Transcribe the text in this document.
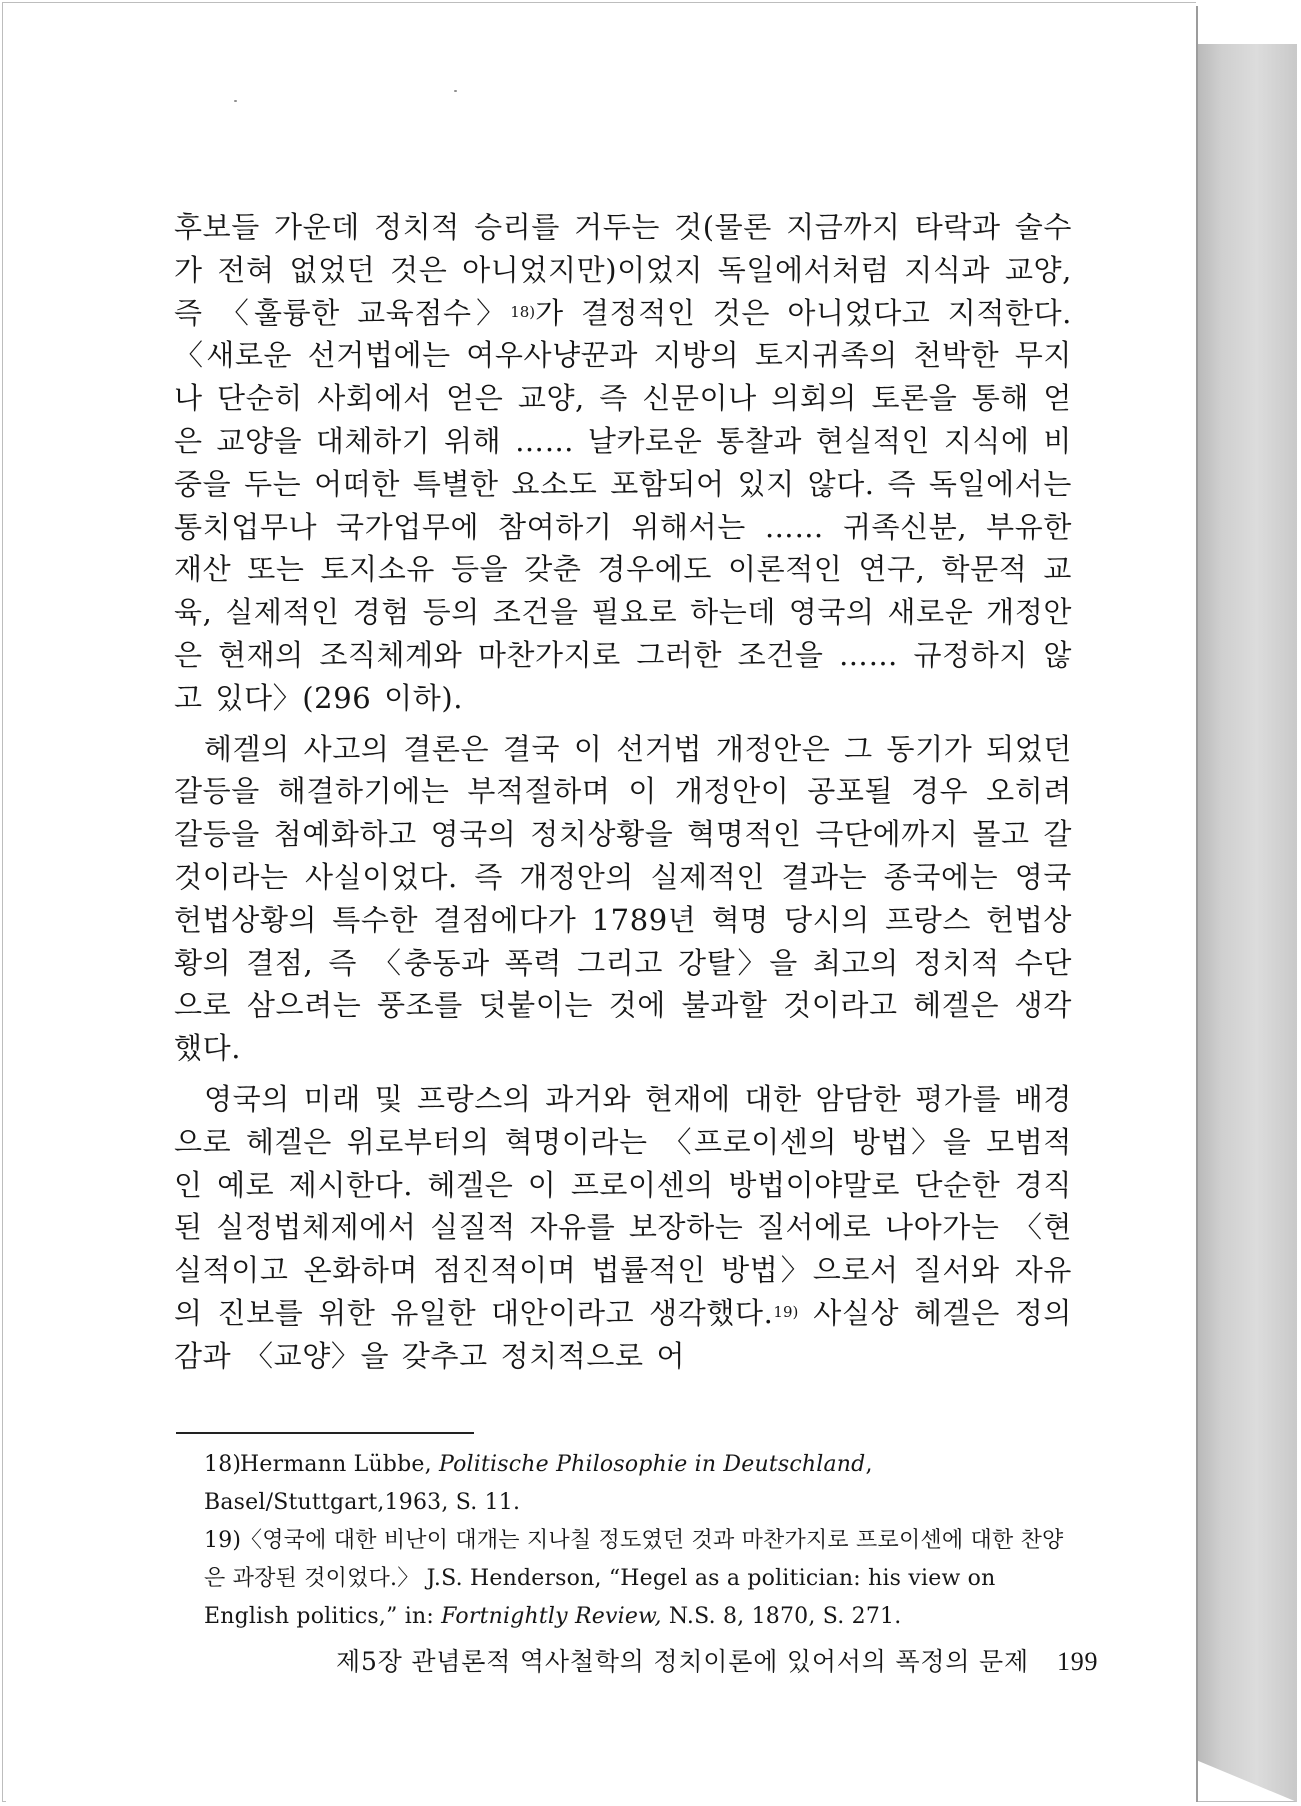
후보들 가운데 정치적 승리를 거두는 것(물론 지금까지 타락과 술수가 전혀 없었던 것은 아니었지만)이었지 독일에서처럼 지식과 교양, 즉 〈훌륭한 교육점수〉$^{18)}$가 결정적인 것은 아니었다고 지적한다. 〈새로운 선거법에는 여우사냥꾼과 지방의 토지귀족의 천박한 무지나 단순히 사회에서 얻은 교양, 즉 신문이나 의회의 토론을 통해 얻은 교양을 대체하기 위해 …… 날카로운 통찰과 현실적인 지식에 비중을 두는 어떠한 특별한 요소도 포함되어 있지 않다. 즉 독일에서는 통치업무나 국가업무에 참여하기 위해서는 …… 귀족신분, 부유한 재산 또는 토지소유 등을 갖춘 경우에도 이론적인 연구, 학문적 교육, 실제적인 경험 등의 조건을 필요로 하는데 영국의 새로운 개정안은 현재의 조직체계와 마찬가지로 그러한 조건을 …… 규정하지 않고 있다〉(296 이하).

헤겔의 사고의 결론은 결국 이 선거법 개정안은 그 동기가 되었던 갈등을 해결하기에는 부적절하며 이 개정안이 공포될 경우 오히려 갈등을 첨예화하고 영국의 정치상황을 혁명적인 극단에까지 몰고 갈 것이라는 사실이었다. 즉 개정안의 실제적인 결과는 종국에는 영국 헌법상황의 특수한 결점에다가 1789년 혁명 당시의 프랑스 헌법상황의 결점, 즉 〈충동과 폭력 그리고 강탈〉을 최고의 정치적 수단으로 삼으려는 풍조를 덧붙이는 것에 불과할 것이라고 헤겔은 생각했다.

영국의 미래 및 프랑스의 과거와 현재에 대한 암담한 평가를 배경으로 헤겔은 위로부터의 혁명이라는 〈프로이센의 방법〉을 모범적인 예로 제시한다. 헤겔은 이 프로이센의 방법이야말로 단순한 경직된 실정법체제에서 실질적 자유를 보장하는 질서에로 나아가는 〈현실적이고 온화하며 점진적이며 법률적인 방법〉으로서 질서와 자유의 진보를 위한 유일한 대안이라고 생각했다.$^{19)}$ 사실상 헤겔은 정의감과 〈교양〉을 갖추고 정치적으로 어

18)Hermann Lübbe, Politische Philosophie in Deutschland, Basel/Stuttgart,1963, S. 11.
19)〈영국에 대한 비난이 대개는 지나칠 정도였던 것과 마찬가지로 프로이센에 대한 찬양은 과장된 것이었다.〉 J.S. Henderson, “Hegel as a politician: his view on English politics,” in: Fortnightly Review, N.S. 8, 1870, S. 271.
제5장 관념론적 역사철학의 정치이론에 있어서의 폭정의 문제 199
